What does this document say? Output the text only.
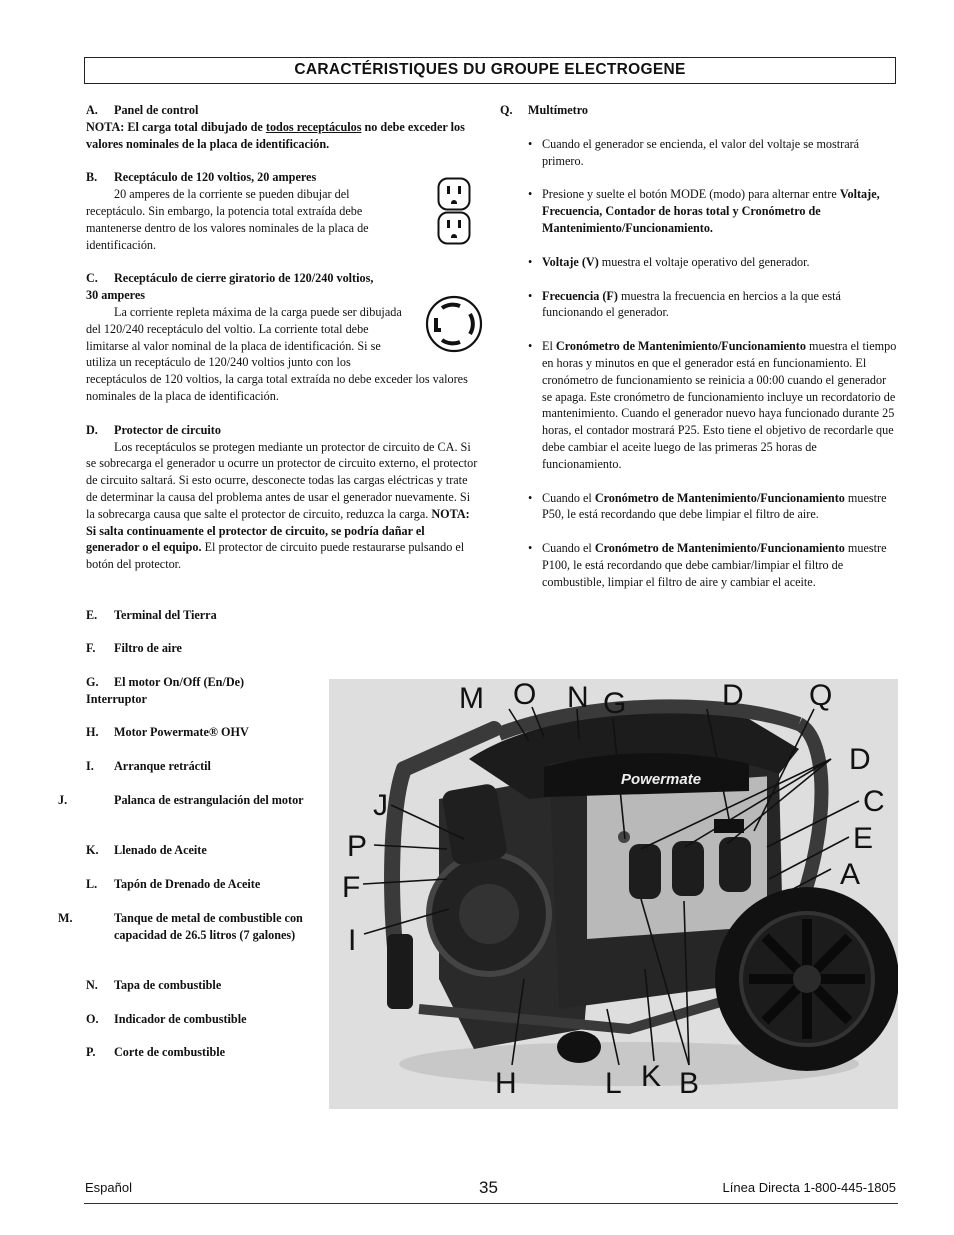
CARACTÉRISTIQUES DU GROUPE ELECTROGENE
A. Panel de control
NOTA: El carga total dibujado de todos receptáculos no debe exceder los valores nominales de la placa de identificación.
B. Receptáculo de 120 voltios, 20 amperes
20 amperes de la corriente se pueden dibujar del receptáculo. Sin embargo, la potencia total extraída debe mantenerse dentro de los valores nominales de la placa de identificación.
C. Receptáculo de cierre giratorio de 120/240 voltios,
30 amperes
La corriente repleta máxima de la carga puede ser dibujada del 120/240 receptáculo del voltio. La corriente total debe limitarse al valor nominal de la placa de identificación. Si se utiliza un receptáculo de 120/240 voltios junto con los receptáculos de 120 voltios, la carga total extraída no debe exceder los valores nominales de la placa de identificación.
D. Protector de circuito
Los receptáculos se protegen mediante un protector de circuito de CA. Si se sobrecarga el generador u ocurre un protector de circuito externo, el protector de circuito saltará. Si esto ocurre, desconecte todas las cargas eléctricas y trate de determinar la causa del problema antes de usar el generador nuevamente. Si la sobrecarga causa que salte el protector de circuito, reduzca la carga. NOTA: Si salta continuamente el protector de circuito, se podría dañar el generador o el equipo. El protector de circuito puede restaurarse pulsando el botón del protector.
E. Terminal del Tierra
F. Filtro de aire
G. El motor On/Off (En/De) Interruptor
H. Motor Powermate® OHV
I. Arranque retráctil
J.	Palanca de estrangulación del motor
K. Llenado de Aceite
L. Tapón de Drenado de Aceite
M.	Tanque de metal de combustible con capacidad de 26.5 litros (7 galones)
N. Tapa de combustible
O. Indicador de combustible
P. Corte de combustible
Q. Multímetro
• Cuando el generador se encienda, el valor del voltaje se mostrará primero.
• Presione y suelte el botón MODE (modo) para alternar entre Voltaje, Frecuencia, Contador de horas total y Cronómetro de Mantenimiento/Funcionamiento.
• Voltaje (V) muestra el voltaje operativo del generador.
• Frecuencia (F) muestra la frecuencia en hercios a la que está funcionando el generador.
• El Cronómetro de Mantenimiento/Funcionamiento muestra el tiempo en horas y minutos en que el generador está en funcionamiento. El cronómetro de funcionamiento se reinicia a 00:00 cuando el generador se apaga. Este cronómetro de funcionamiento incluye un recordatorio de mantenimiento. Cuando el generador nuevo haya funcionado durante 25 horas, el contador mostrará P25. Esto tiene el objetivo de recordarle que debe cambiar el aceite luego de las primeras 25 horas de funcionamiento.
• Cuando el Cronómetro de Mantenimiento/Funcionamiento muestre P50, le está recordando que debe limpiar el filtro de aire.
• Cuando el Cronómetro de Mantenimiento/Funcionamiento muestre P100, le está recordando que debe cambiar/limpiar el filtro de combustible, limpiar el filtro de aire y cambiar el aceite.
Powermate
M O N G	D Q
D
C
E
A
J
P
F
I
H	L K B
Español	35	Línea Directa 1-800-445-1805
